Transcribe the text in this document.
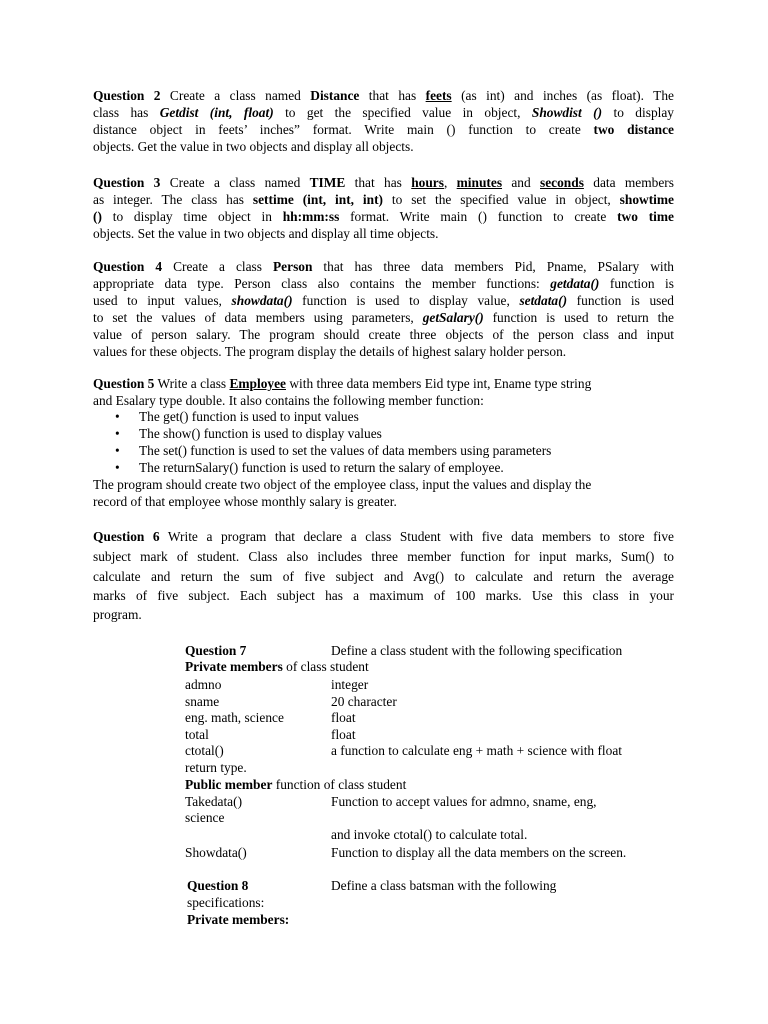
Question 2 Create a class named Distance that has feets (as int) and inches (as float). The
class has Getdist (int, float) to get the specified value in object, Showdist () to display
distance object in feets’ inches” format. Write main () function to create two distance
objects. Get the value in two objects and display all objects.
Question 3 Create a class named TIME that has hours, minutes and seconds data members
as integer. The class has settime (int, int, int) to set the specified value in object, showtime
() to display time object in hh:mm:ss format. Write main () function to create two time
objects. Set the value in two objects and display all time objects.
Question 4 Create a class Person that has three data members Pid, Pname, PSalary with
appropriate data type. Person class also contains the member functions: getdata() function is
used to input values, showdata() function is used to display value, setdata() function is used
to set the values of data members using parameters, getSalary() function is used to return the
value of person salary. The program should create three objects of the person class and input
values for these objects. The program display the details of highest salary holder person.
Question 5 Write a class Employee with three data members Eid type int, Ename type string
and Esalary type double. It also contains the following member function:
• The get() function is used to input values
• The show() function is used to display values
• The set() function is used to set the values of data members using parameters
• The returnSalary() function is used to return the salary of employee.
The program should create two object of the employee class, input the values and display the
record of that employee whose monthly salary is greater.
Question 6 Write a program that declare a class Student with five data members to store five
subject mark of student. Class also includes three member function for input marks, Sum() to
calculate and return the sum of five subject and Avg() to calculate and return the average
marks of five subject. Each subject has a maximum of 100 marks. Use this class in your
program.
Question 7	Define a class student with the following specification
Private members of class student
admno	integer
sname	20 character
eng. math, science	float
total	float
ctotal()	a function to calculate eng + math + science with float
return type.
Public member function of class student
Takedata()	Function to accept values for admno, sname, eng,
science
and invoke ctotal() to calculate total.
Showdata()	Function to display all the data members on the screen.
Question 8	Define a class batsman with the following
specifications:
Private members:
